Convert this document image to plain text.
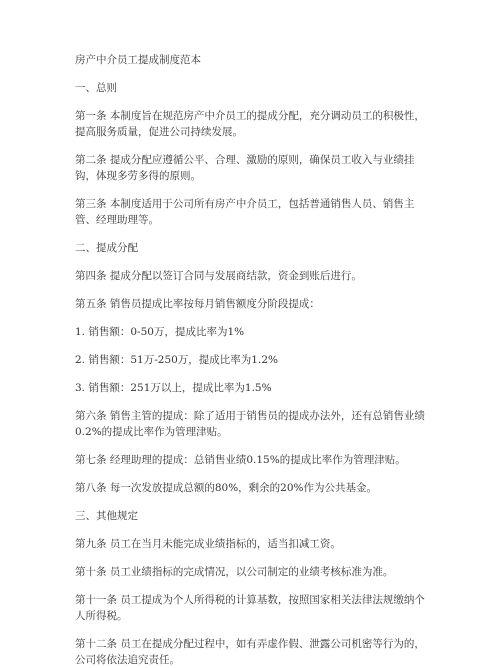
房产中介员工提成制度范本

一、总则

第一条 本制度旨在规范房产中介员工的提成分配，充分调动员工的积极性，提高服务质量，促进公司持续发展。

第二条 提成分配应遵循公平、合理、激励的原则，确保员工收入与业绩挂钩，体现多劳多得的原则。

第三条 本制度适用于公司所有房产中介员工，包括普通销售人员、销售主管、经理助理等。

二、提成分配

第四条 提成分配以签订合同与发展商结款，资金到账后进行。

第五条 销售员提成比率按每月销售额度分阶段提成：

1. 销售额：0-50万，提成比率为1%

2. 销售额：51万-250万，提成比率为1.2%

3. 销售额：251万以上，提成比率为1.5%

第六条 销售主管的提成：除了适用于销售员的提成办法外，还有总销售业绩0.2%的提成比率作为管理津贴。

第七条 经理助理的提成：总销售业绩0.15%的提成比率作为管理津贴。

第八条 每一次发放提成总额的80%，剩余的20%作为公共基金。

三、其他规定

第九条 员工在当月未能完成业绩指标的，适当扣减工资。

第十条 员工业绩指标的完成情况，以公司制定的业绩考核标准为准。

第十一条 员工提成为个人所得税的计算基数，按照国家相关法律法规缴纳个人所得税。

第十二条 员工在提成分配过程中，如有弄虚作假、泄露公司机密等行为的，公司将依法追究责任。
